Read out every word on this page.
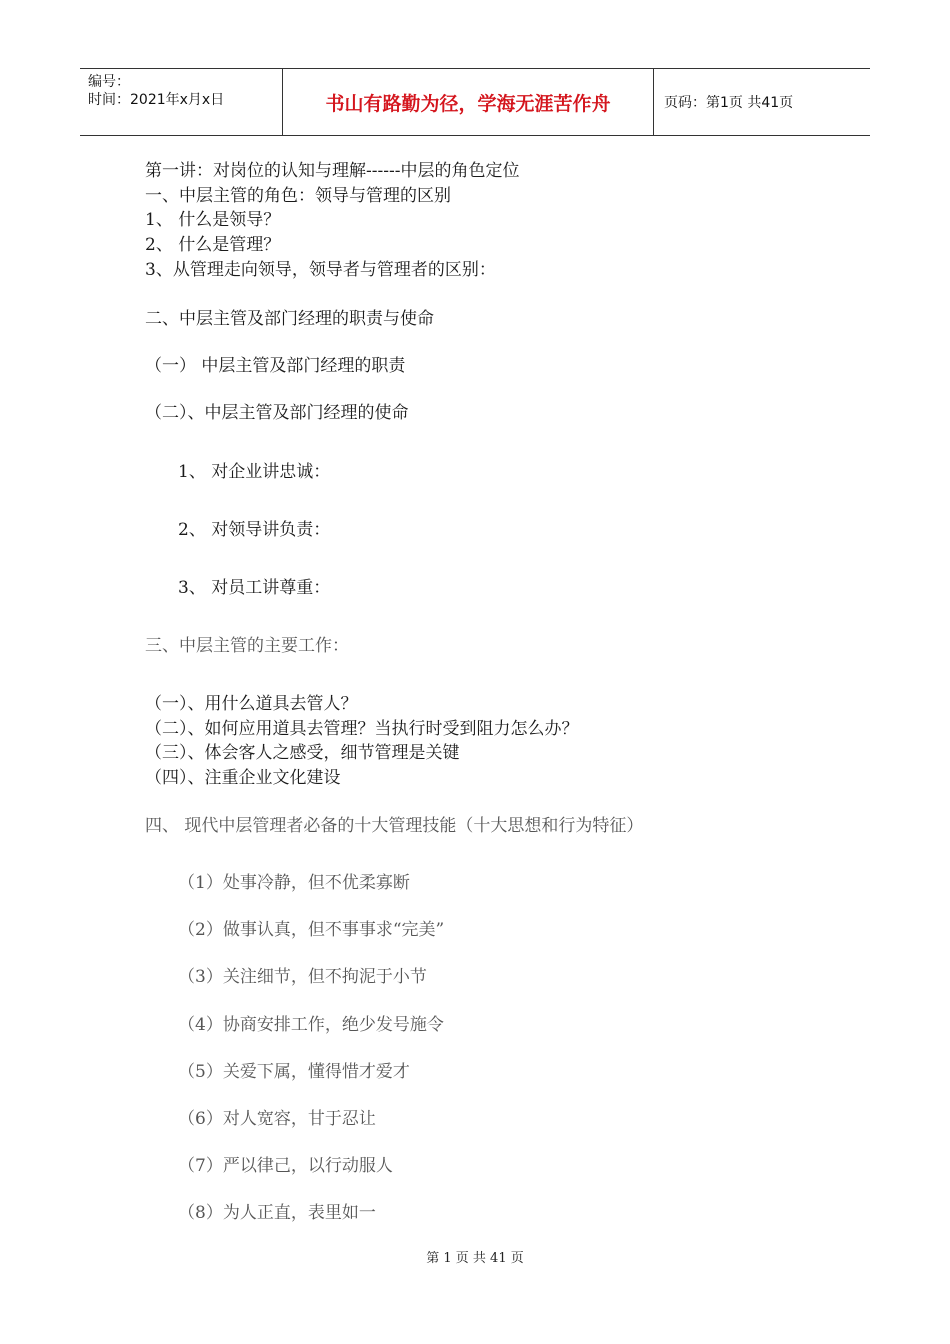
编号：
时间：2021年x月x日	书山有路勤为径，学海无涯苦作舟	页码：第1页 共41页
第一讲：对岗位的认知与理解------中层的角色定位
一、中层主管的角色：领导与管理的区别
1、 什么是领导？
2、 什么是管理？
3、从管理走向领导，领导者与管理者的区别：
二、中层主管及部门经理的职责与使命
（一） 中层主管及部门经理的职责
（二）、中层主管及部门经理的使命
1、 对企业讲忠诚：
2、 对领导讲负责：
3、 对员工讲尊重：
三、中层主管的主要工作：
（一）、用什么道具去管人？
（二）、如何应用道具去管理？当执行时受到阻力怎么办？
（三）、体会客人之感受，细节管理是关键
（四）、注重企业文化建设
四、 现代中层管理者必备的十大管理技能（十大思想和行为特征）
（1）处事冷静，但不优柔寡断
（2）做事认真，但不事事求“完美”
（3）关注细节，但不拘泥于小节
（4）协商安排工作，绝少发号施令
（5）关爱下属，懂得惜才爱才
（6）对人宽容，甘于忍让
（7）严以律己，以行动服人
（8）为人正直，表里如一
第 1 页 共 41 页
